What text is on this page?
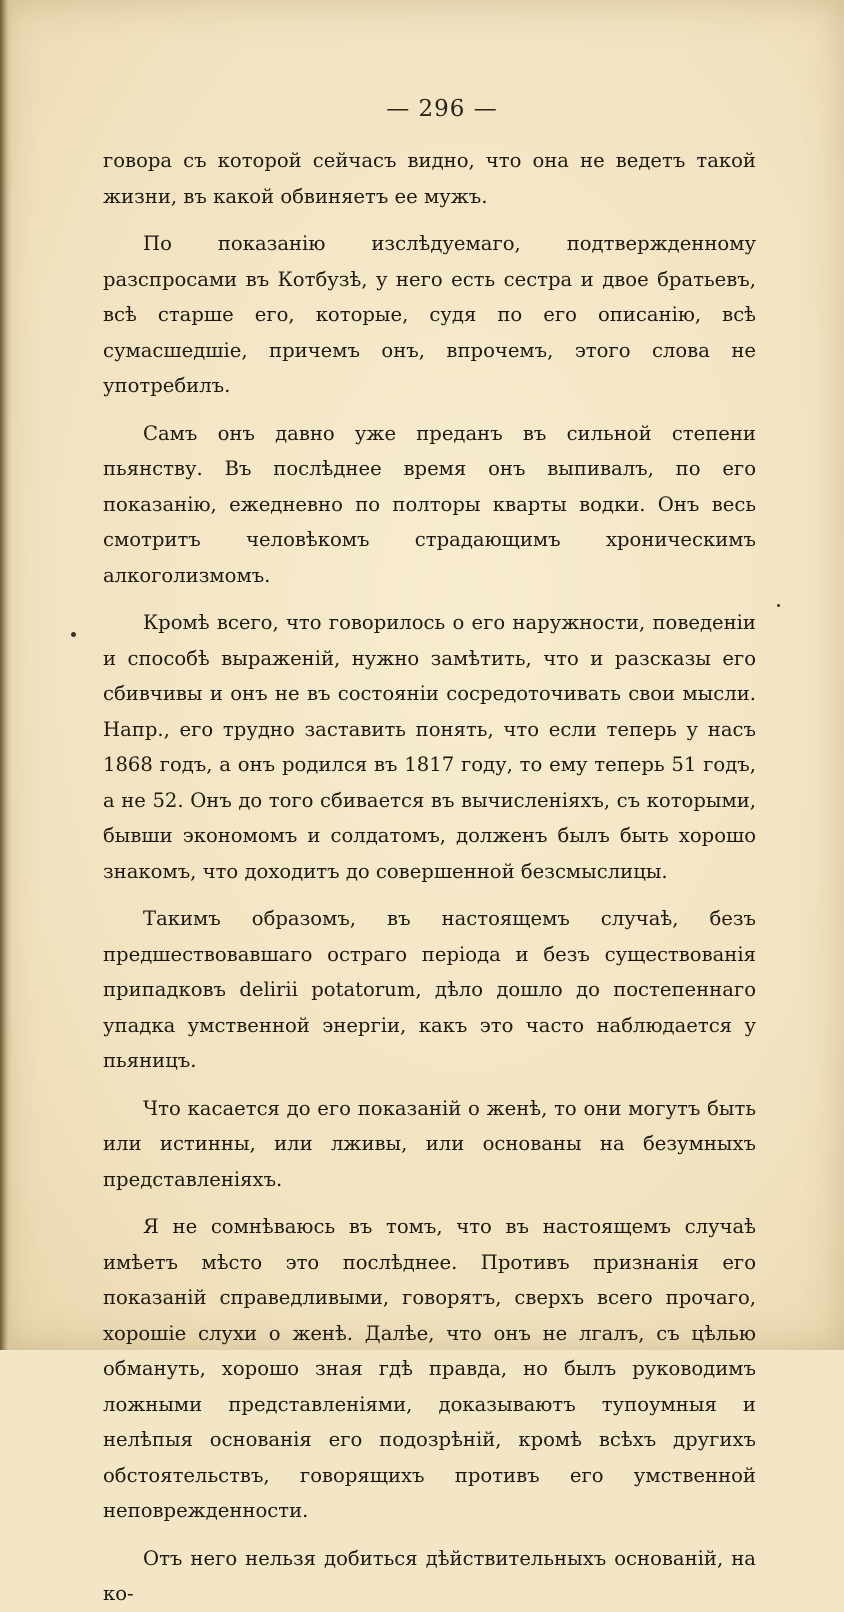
— 296 —

говора съ которой сейчасъ видно, что она не ведетъ такой жизни, въ какой обвиняетъ ее мужъ.

По показанію изслѣдуемаго, подтвержденному разспросами въ Котбузѣ, у него есть сестра и двое братьевъ, всѣ старше его, которые, судя по его описанію, всѣ сумасшедшіе, причемъ онъ, впрочемъ, этого слова не употребилъ.

Самъ онъ давно уже преданъ въ сильной степени пьянству. Въ послѣднее время онъ выпивалъ, по его показанію, ежедневно по полторы кварты водки. Онъ весь смотритъ человѣкомъ страдающимъ хроническимъ алкоголизмомъ.

Кромѣ всего, что говорилось о его наружности, поведеніи и способѣ выраженій, нужно замѣтить, что и разсказы его сбивчивы и онъ не въ состояніи сосредоточивать свои мысли. Напр., его трудно заставить понять, что если теперь у насъ 1868 годъ, а онъ родился въ 1817 году, то ему теперь 51 годъ, а не 52. Онъ до того сбивается въ вычисленіяхъ, съ которыми, бывши экономомъ и солдатомъ, долженъ былъ быть хорошо знакомъ, что доходитъ до совершенной безсмыслицы.

Такимъ образомъ, въ настоящемъ случаѣ, безъ предшествовавшаго остраго періода и безъ существованія припадковъ delirii potatorum, дѣло дошло до постепеннаго упадка умственной энергіи, какъ это часто наблюдается у пьяницъ.

Что касается до его показаній о женѣ, то они могутъ быть или истинны, или лживы, или основаны на безумныхъ представленіяхъ.

Я не сомнѣваюсь въ томъ, что въ настоящемъ случаѣ имѣетъ мѣсто это послѣднее. Противъ признанія его показаній справедливыми, говорятъ, сверхъ всего прочаго, хорошіе слухи о женѣ. Далѣе, что онъ не лгалъ, съ цѣлью обмануть, хорошо зная гдѣ правда, но былъ руководимъ ложными представленіями, доказываютъ тупоумныя и нелѣпыя основанія его подозрѣній, кромѣ всѣхъ другихъ обстоятельствъ, говорящихъ противъ его умственной неповрежденности.

Отъ него нельзя добиться дѣйствительныхъ основаній, на ко-
